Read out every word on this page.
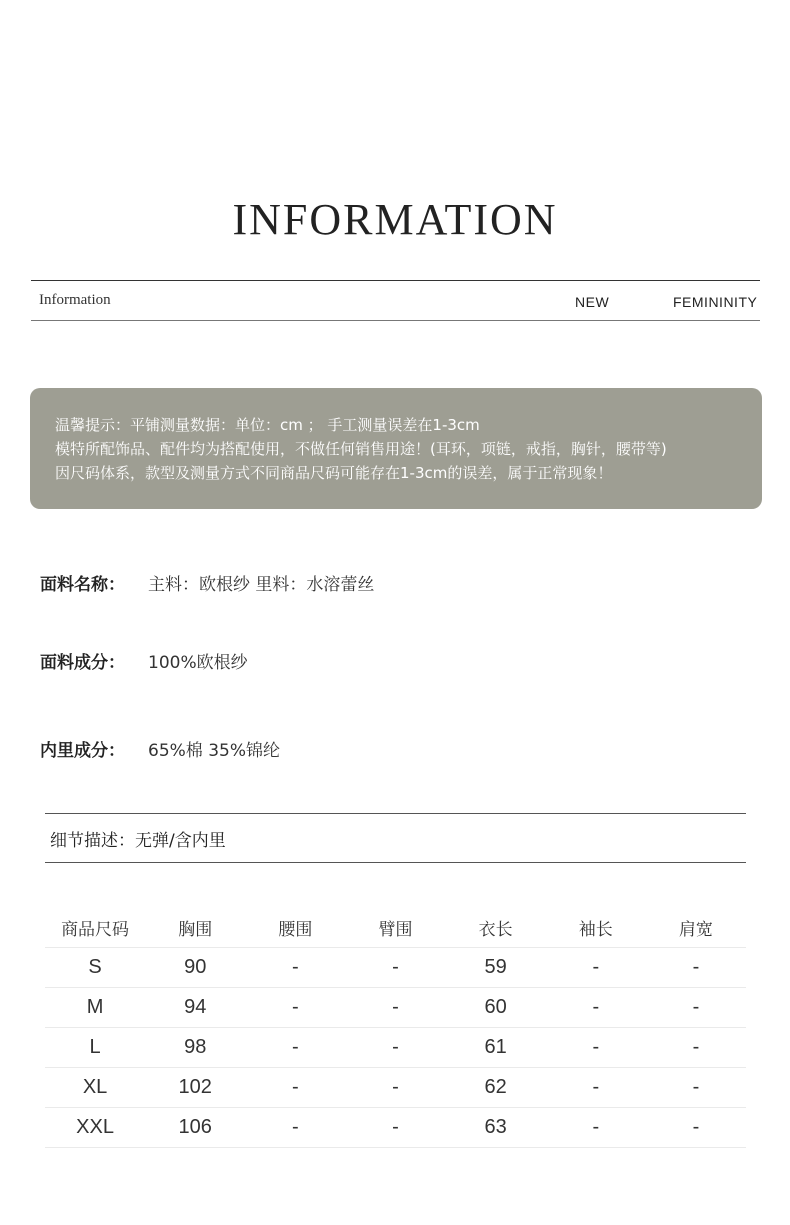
INFORMATION
Information	NEW	FEMININITY
温馨提示：平铺测量数据：单位：cm ； 手工测量误差在1-3cm
模特所配饰品、配件均为搭配使用，不做任何销售用途！(耳环，项链，戒指，胸针，腰带等)
因尺码体系，款型及测量方式不同商品尺码可能存在1-3cm的误差，属于正常现象！
面料名称： 主料：欧根纱 里料：水溶蕾丝
面料成分： 100%欧根纱
内里成分： 65%棉 35%锦纶
细节描述：无弹/含内里
商品尺码	胸围	腰围	臂围	衣长	袖长	肩宽
S	90	-	-	59	-	-
M	94	-	-	60	-	-
L	98	-	-	61	-	-
XL	102	-	-	62	-	-
XXL	106	-	-	63	-	-
